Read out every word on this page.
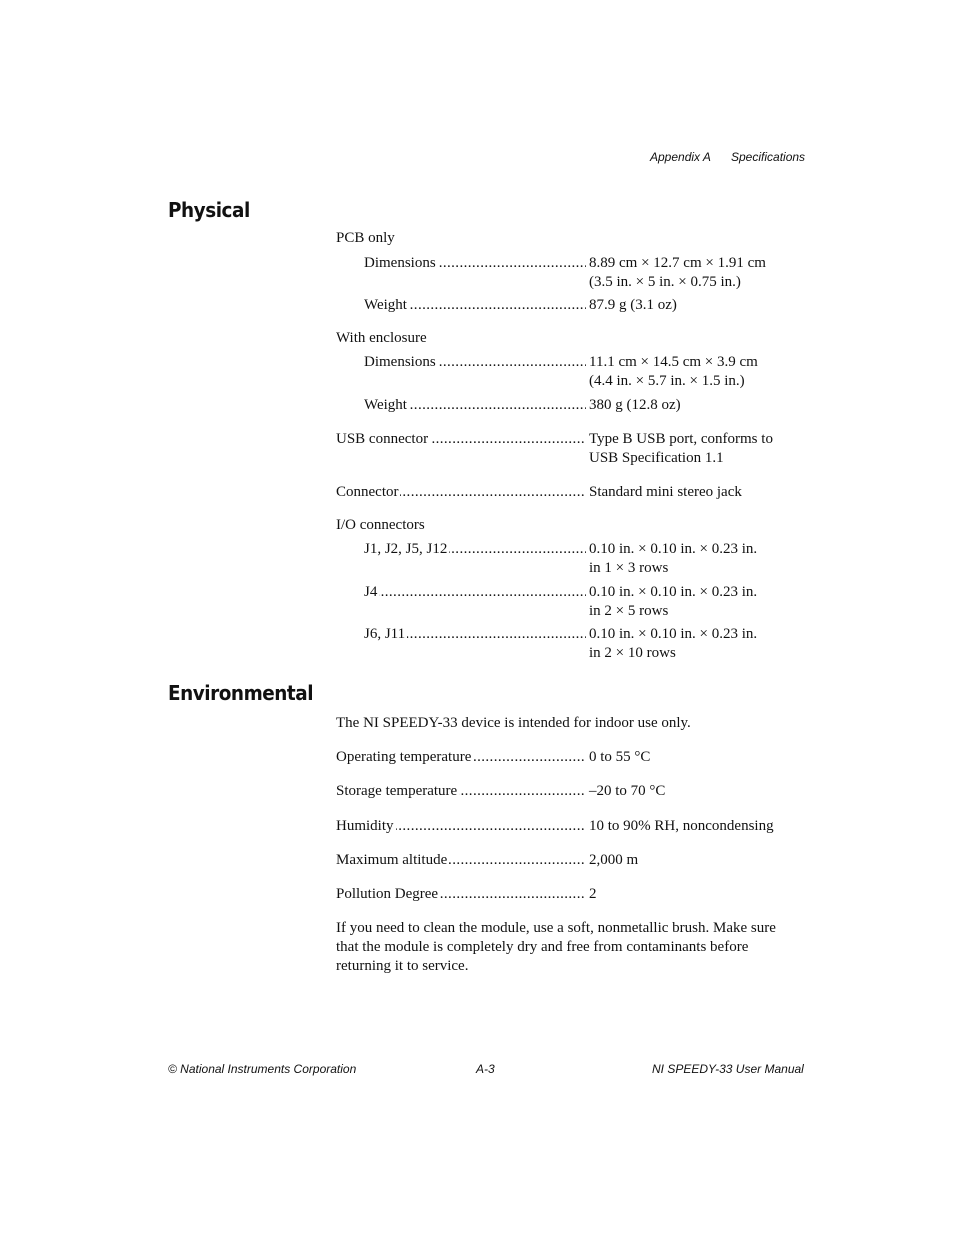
Appendix A Specifications
Physical
PCB only
Dimensions .....	8.89 cm × 12.7 cm × 1.91 cm
(3.5 in. × 5 in. × 0.75 in.)
Weight .....	87.9 g (3.1 oz)
With enclosure
Dimensions .....	11.1 cm × 14.5 cm × 3.9 cm
(4.4 in. × 5.7 in. × 1.5 in.)
Weight .....	380 g (12.8 oz)
USB connector .....	Type B USB port, conforms to
USB Specification 1.1
Connector .....	Standard mini stereo jack
I/O connectors
J1, J2, J5, J12 .....	0.10 in. × 0.10 in. × 0.23 in.
in 1 × 3 rows
J4 .....	0.10 in. × 0.10 in. × 0.23 in.
in 2 × 5 rows
J6, J11 .....	0.10 in. × 0.10 in. × 0.23 in.
in 2 × 10 rows
Environmental
The NI SPEEDY-33 device is intended for indoor use only.
Operating temperature .....	0 to 55 °C
Storage temperature .....	–20 to 70 °C
Humidity .....	10 to 90% RH, noncondensing
Maximum altitude .....	2,000 m
Pollution Degree .....	2
If you need to clean the module, use a soft, nonmetallic brush. Make sure
that the module is completely dry and free from contaminants before
returning it to service.
© National Instruments Corporation	A-3	NI SPEEDY-33 User Manual
